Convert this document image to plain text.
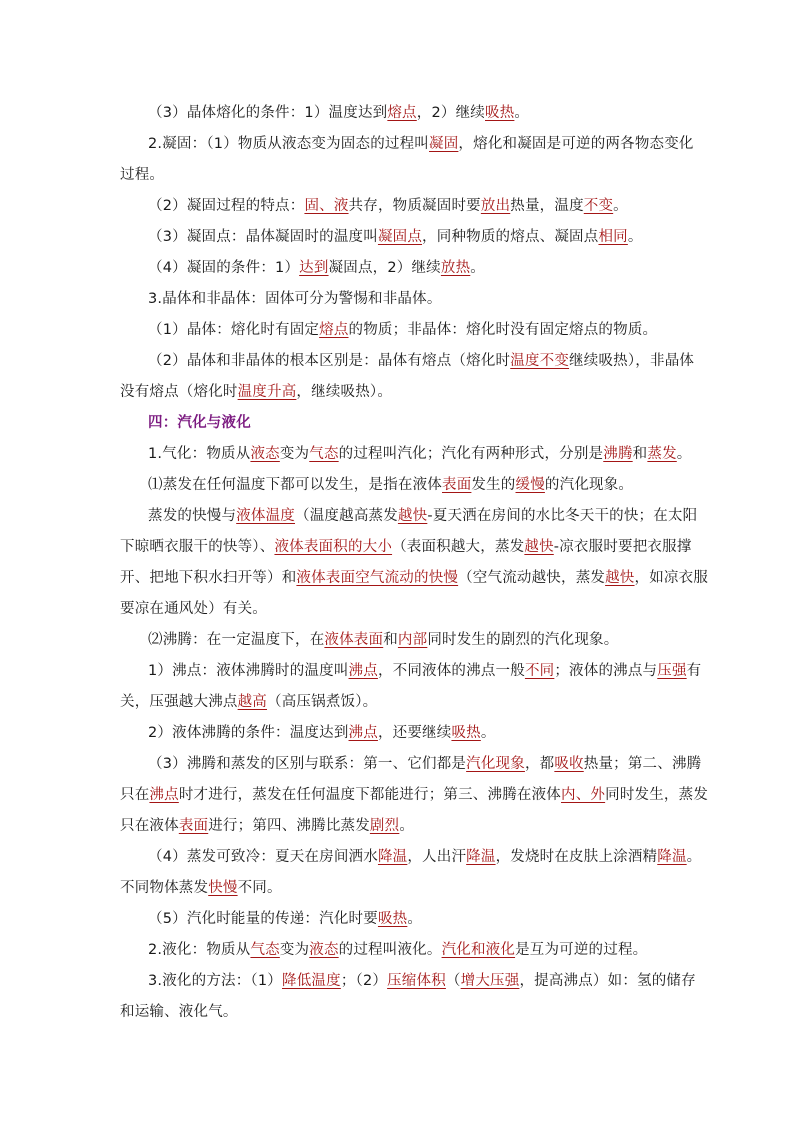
（3）晶体熔化的条件：1）温度达到熔点，2）继续吸热。
2.凝固：（1）物质从液态变为固态的过程叫凝固，熔化和凝固是可逆的两各物态变化
过程。
（2）凝固过程的特点：固、液共存，物质凝固时要放出热量，温度不变。
（3）凝固点：晶体凝固时的温度叫凝固点，同种物质的熔点、凝固点相同。
（4）凝固的条件：1）达到凝固点，2）继续放热。
3.晶体和非晶体：固体可分为警惕和非晶体。
（1）晶体：熔化时有固定熔点的物质；非晶体：熔化时没有固定熔点的物质。
（2）晶体和非晶体的根本区别是：晶体有熔点（熔化时温度不变继续吸热），非晶体
没有熔点（熔化时温度升高，继续吸热）。
四：汽化与液化
1.气化：物质从液态变为气态的过程叫汽化；汽化有两种形式，分别是沸腾和蒸发。
⑴蒸发在任何温度下都可以发生，是指在液体表面发生的缓慢的汽化现象。
蒸发的快慢与液体温度（温度越高蒸发越快-夏天洒在房间的水比冬天干的快；在太阳
下晾晒衣服干的快等）、液体表面积的大小（表面积越大，蒸发越快-凉衣服时要把衣服撑
开、把地下积水扫开等）和液体表面空气流动的快慢（空气流动越快，蒸发越快，如凉衣服
要凉在通风处）有关。
⑵沸腾：在一定温度下，在液体表面和内部同时发生的剧烈的汽化现象。
1）沸点：液体沸腾时的温度叫沸点，不同液体的沸点一般不同；液体的沸点与压强有
关，压强越大沸点越高（高压锅煮饭）。
2）液体沸腾的条件：温度达到沸点，还要继续吸热。
（3）沸腾和蒸发的区别与联系：第一、它们都是汽化现象，都吸收热量；第二、沸腾
只在沸点时才进行，蒸发在任何温度下都能进行；第三、沸腾在液体内、外同时发生，蒸发
只在液体表面进行；第四、沸腾比蒸发剧烈。
（4）蒸发可致冷：夏天在房间洒水降温，人出汗降温，发烧时在皮肤上涂酒精降温。
不同物体蒸发快慢不同。
（5）汽化时能量的传递：汽化时要吸热。
2.液化：物质从气态变为液态的过程叫液化。汽化和液化是互为可逆的过程。
3.液化的方法：（1）降低温度；（2）压缩体积（增大压强，提高沸点）如：氢的储存
和运输、液化气。
